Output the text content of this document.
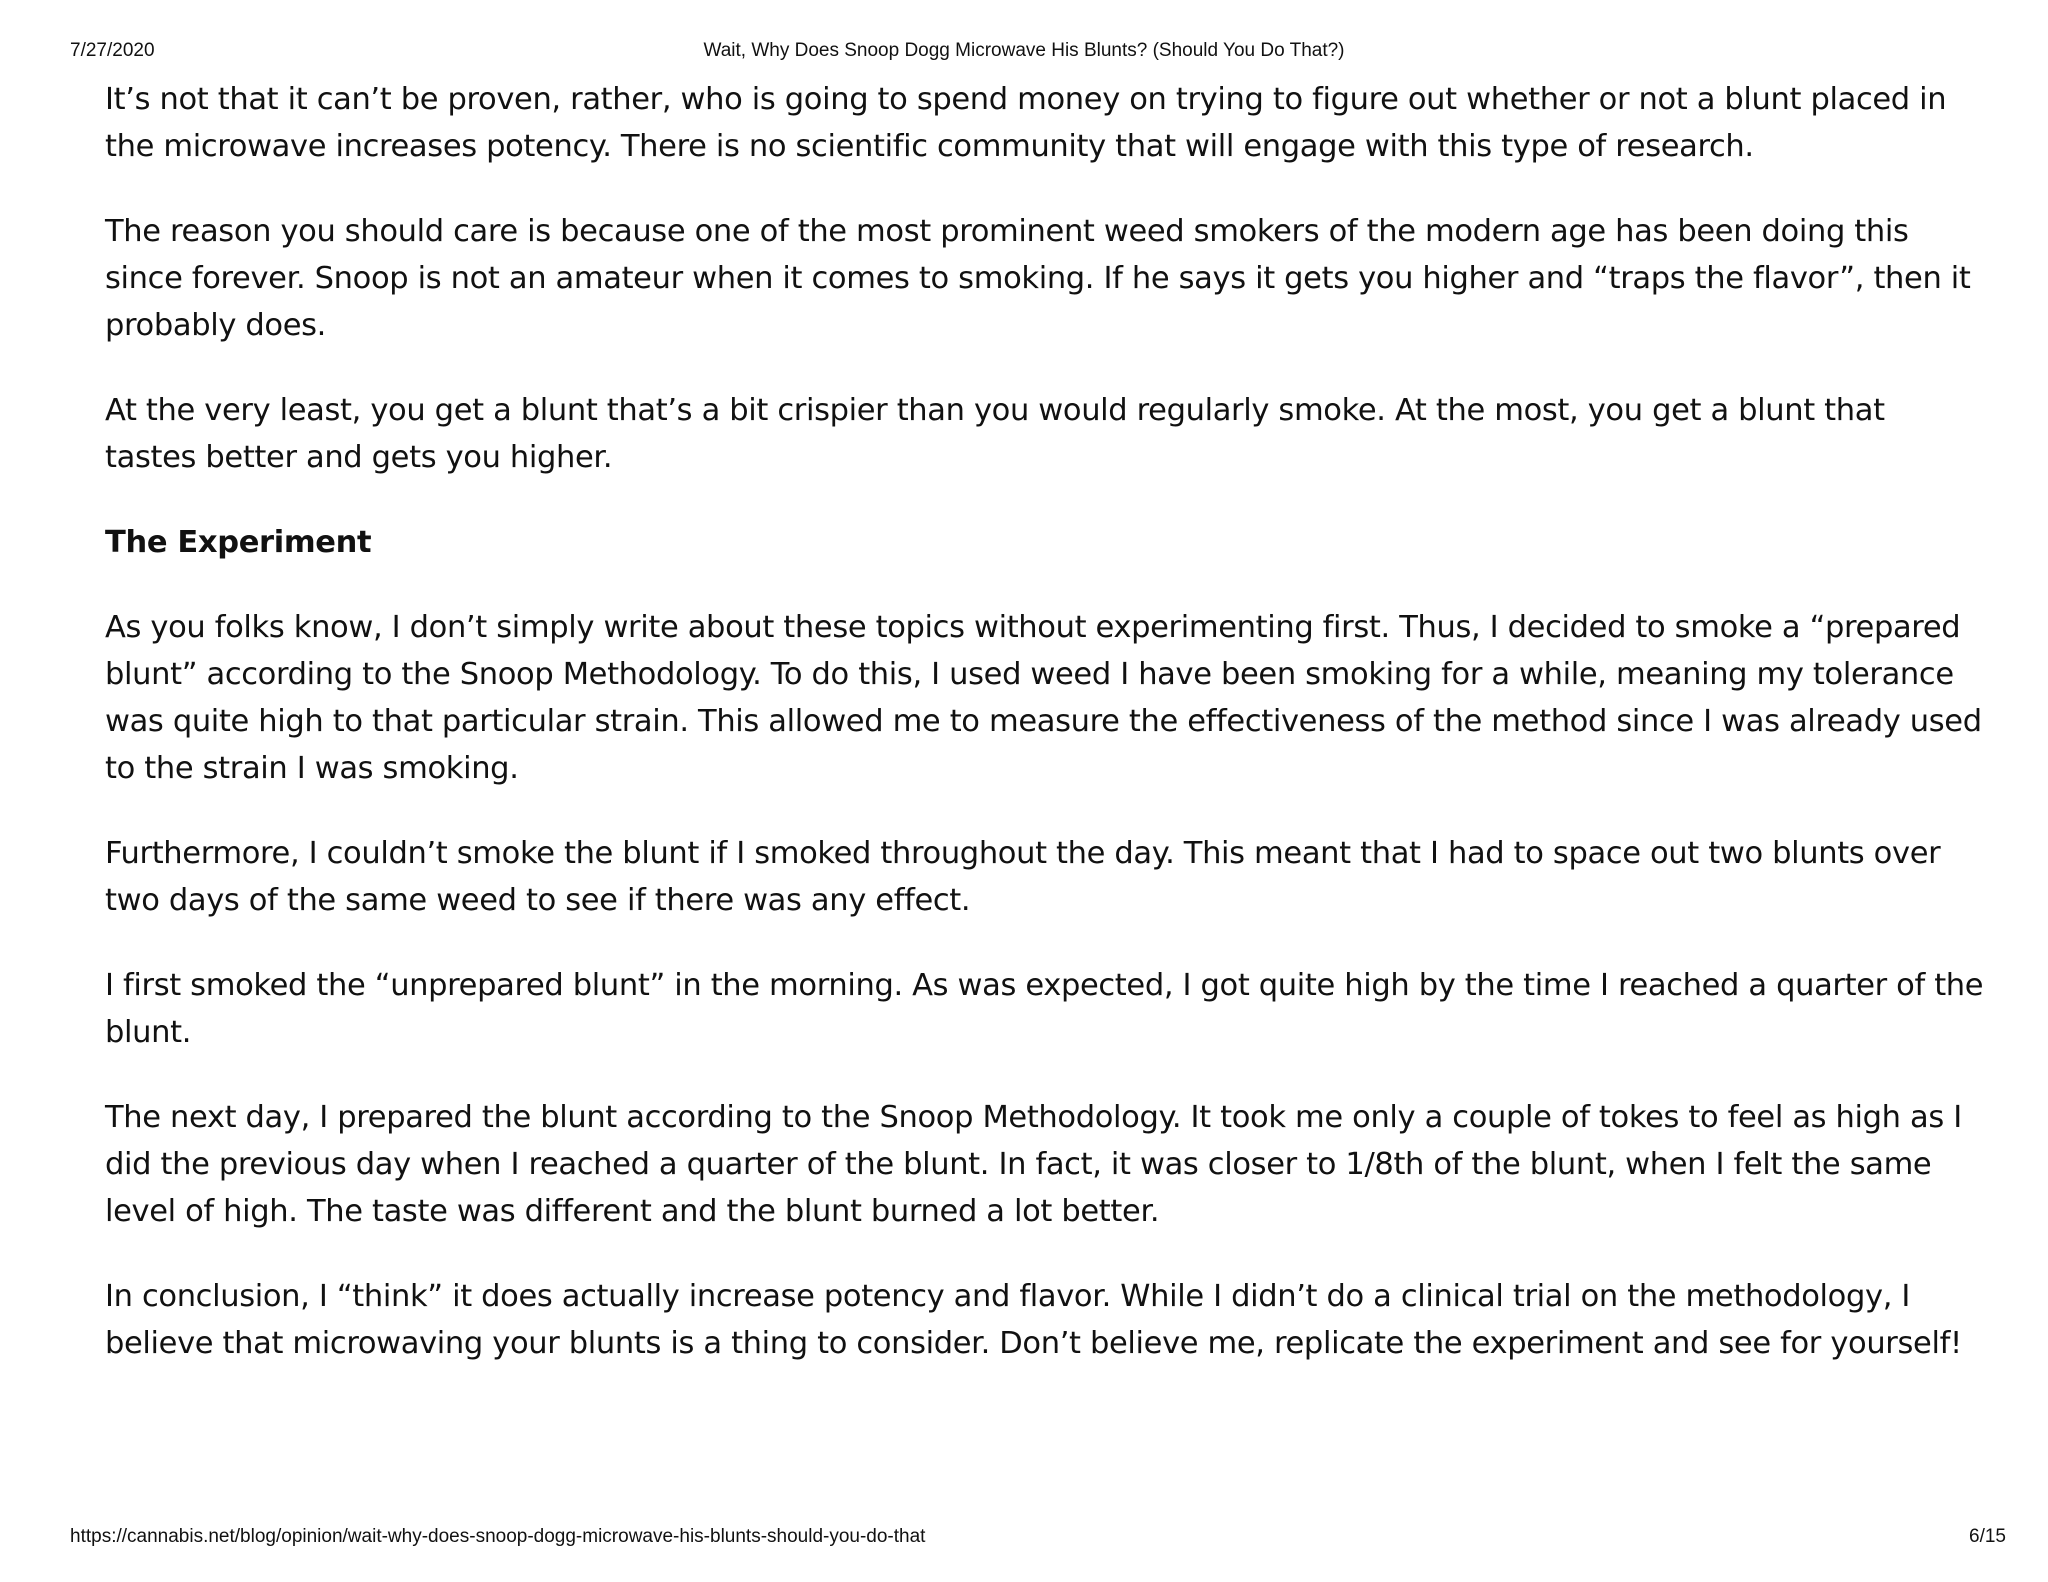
7/27/2020	Wait, Why Does Snoop Dogg Microwave His Blunts? (Should You Do That?)

It’s not that it can’t be proven, rather, who is going to spend money on trying to figure out whether or not a blunt placed in the microwave increases potency. There is no scientific community that will engage with this type of research.

The reason you should care is because one of the most prominent weed smokers of the modern age has been doing this since forever. Snoop is not an amateur when it comes to smoking. If he says it gets you higher and “traps the flavor”, then it probably does.

At the very least, you get a blunt that’s a bit crispier than you would regularly smoke. At the most, you get a blunt that tastes better and gets you higher.

The Experiment

As you folks know, I don’t simply write about these topics without experimenting first. Thus, I decided to smoke a “prepared blunt” according to the Snoop Methodology. To do this, I used weed I have been smoking for a while, meaning my tolerance was quite high to that particular strain. This allowed me to measure the effectiveness of the method since I was already used to the strain I was smoking.

Furthermore, I couldn’t smoke the blunt if I smoked throughout the day. This meant that I had to space out two blunts over two days of the same weed to see if there was any effect.

I first smoked the “unprepared blunt” in the morning. As was expected, I got quite high by the time I reached a quarter of the blunt.

The next day, I prepared the blunt according to the Snoop Methodology. It took me only a couple of tokes to feel as high as I did the previous day when I reached a quarter of the blunt. In fact, it was closer to 1/8th of the blunt, when I felt the same level of high. The taste was different and the blunt burned a lot better.

In conclusion, I “think” it does actually increase potency and flavor. While I didn’t do a clinical trial on the methodology, I believe that microwaving your blunts is a thing to consider. Don’t believe me, replicate the experiment and see for yourself!

https://cannabis.net/blog/opinion/wait-why-does-snoop-dogg-microwave-his-blunts-should-you-do-that	6/15
